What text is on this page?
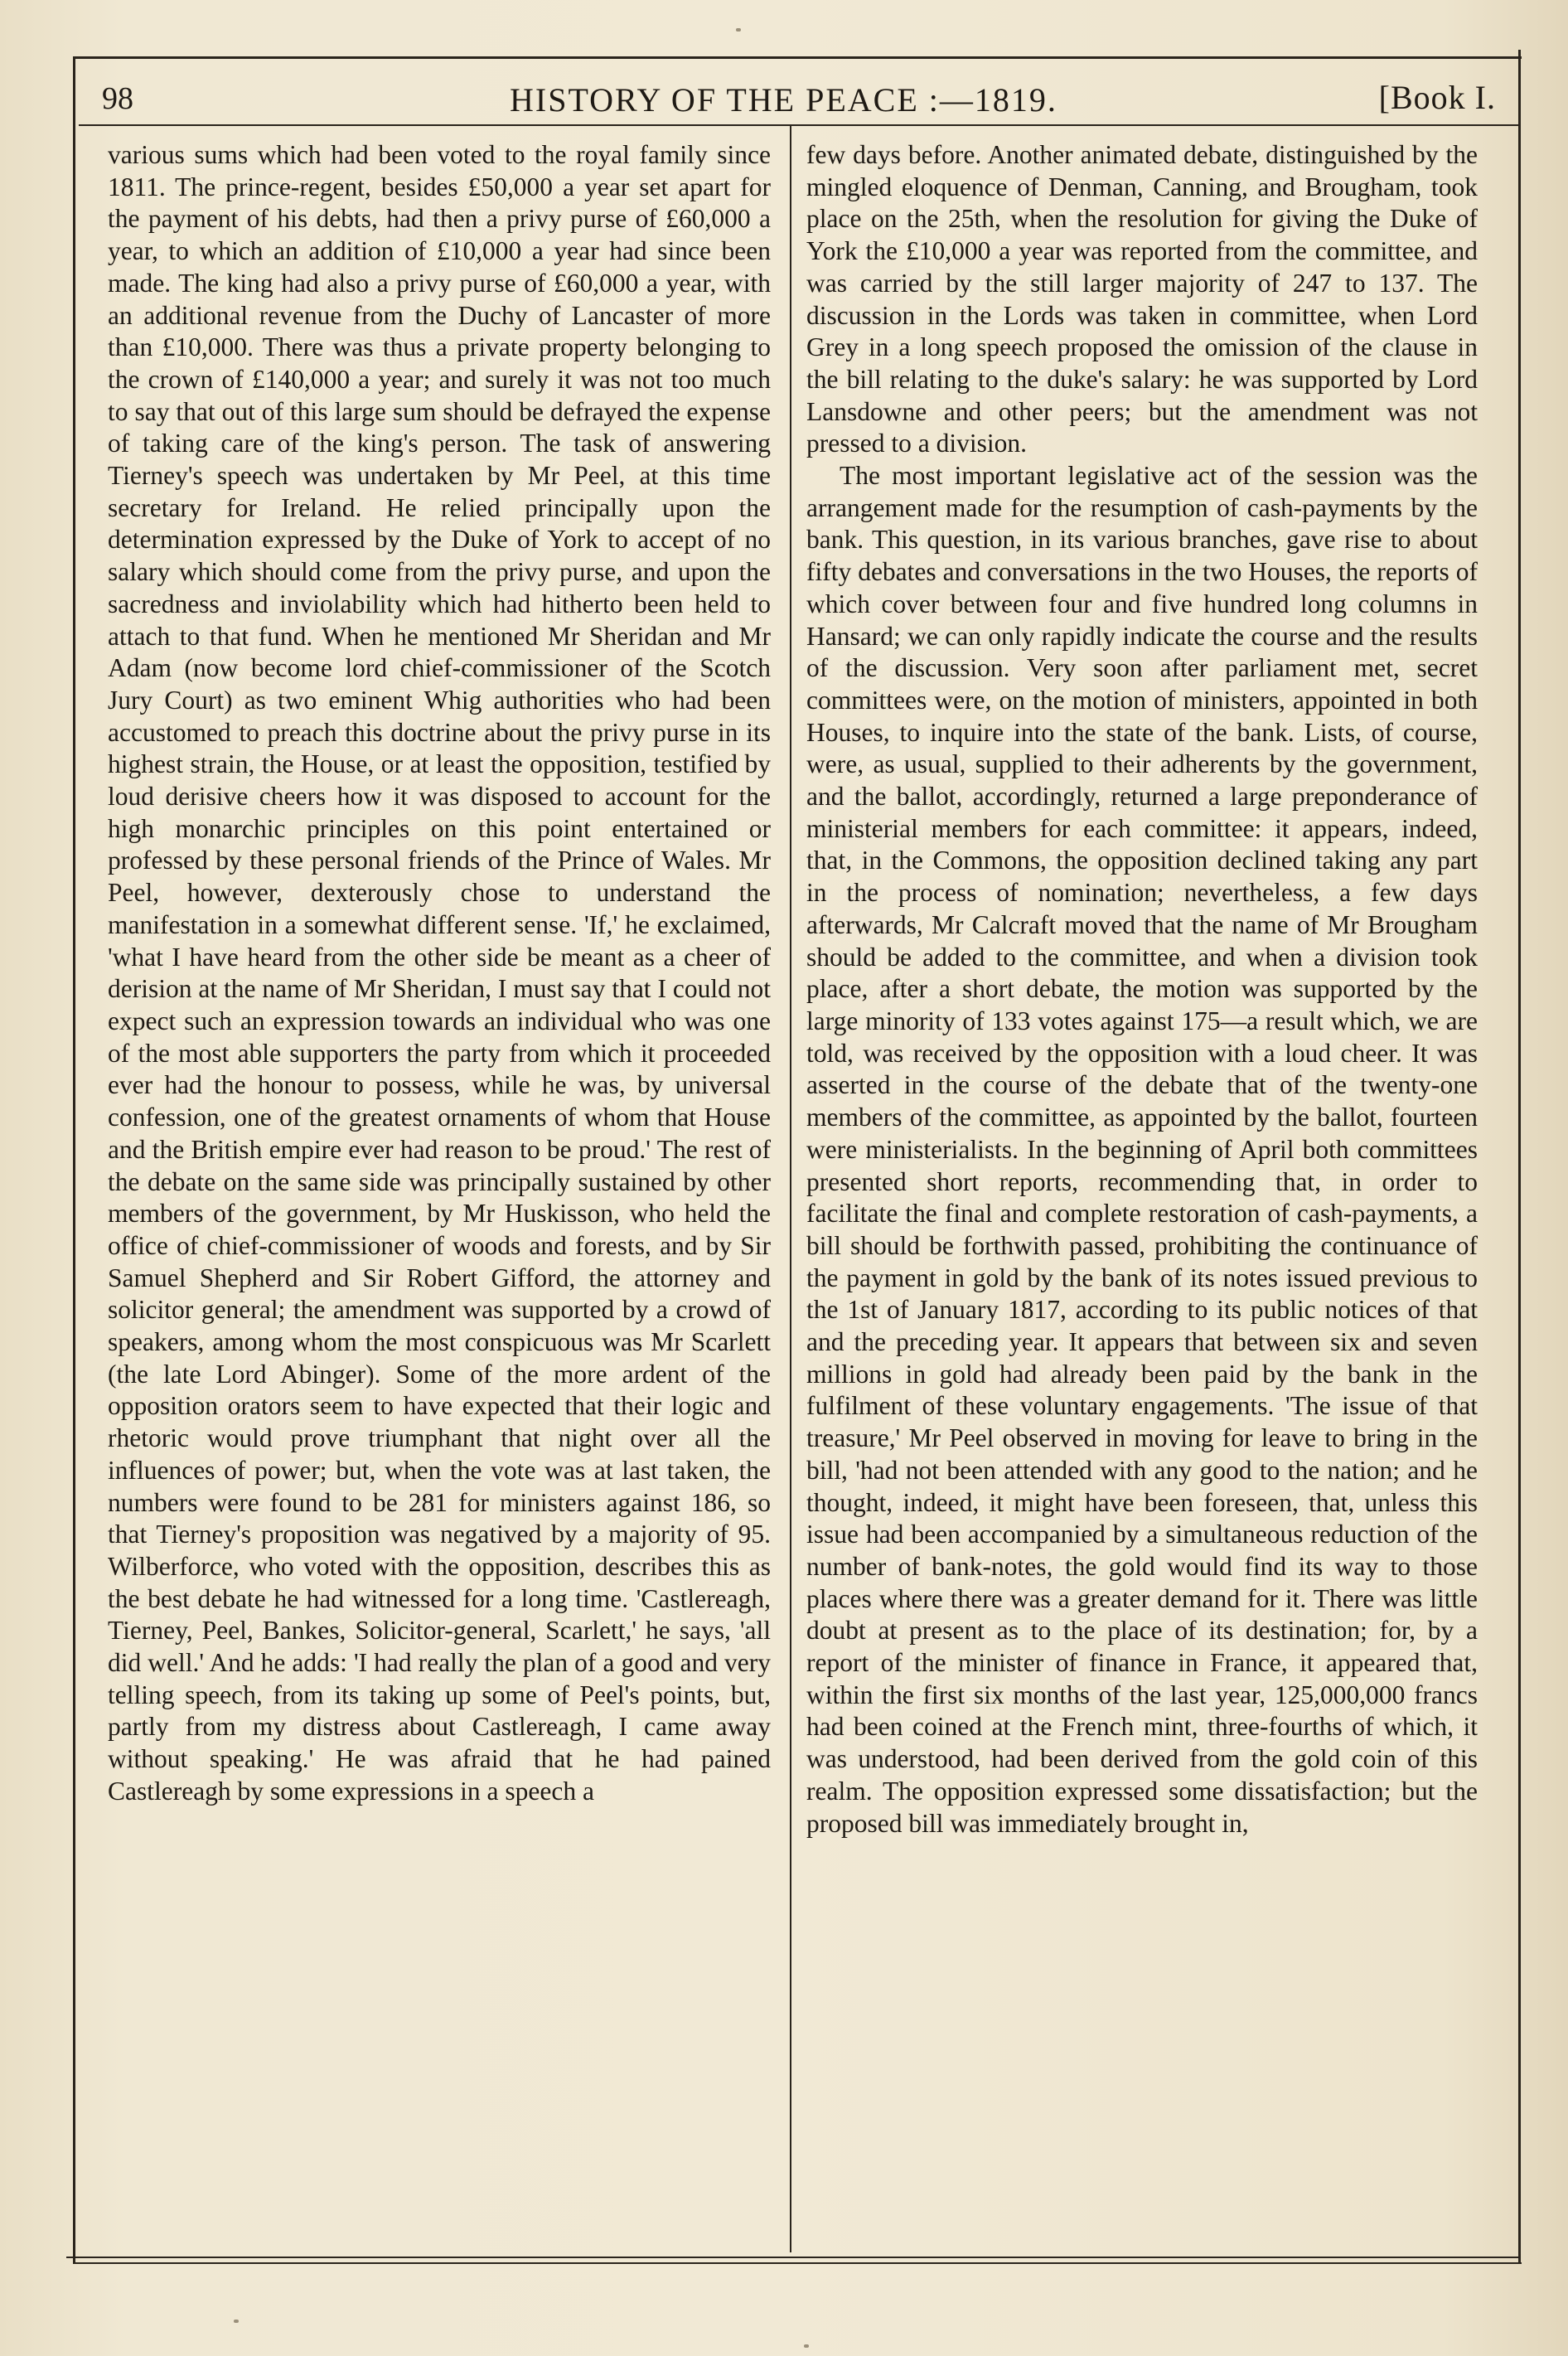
98	HISTORY OF THE PEACE :—1819.	[Book I.

various sums which had been voted to the royal family since 1811. The prince-regent, besides £50,000 a year set apart for the payment of his debts, had then a privy purse of £60,000 a year, to which an addition of £10,000 a year had since been made. The king had also a privy purse of £60,000 a year, with an additional revenue from the Duchy of Lancaster of more than £10,000. There was thus a private property belonging to the crown of £140,000 a year; and surely it was not too much to say that out of this large sum should be defrayed the expense of taking care of the king's person. The task of answering Tierney's speech was undertaken by Mr Peel, at this time secretary for Ireland. He relied principally upon the determination expressed by the Duke of York to accept of no salary which should come from the privy purse, and upon the sacredness and inviolability which had hitherto been held to attach to that fund. When he mentioned Mr Sheridan and Mr Adam (now become lord chief-commissioner of the Scotch Jury Court) as two eminent Whig authorities who had been accustomed to preach this doctrine about the privy purse in its highest strain, the House, or at least the opposition, testified by loud derisive cheers how it was disposed to account for the high monarchic principles on this point entertained or professed by these personal friends of the Prince of Wales. Mr Peel, however, dexterously chose to understand the manifestation in a somewhat different sense. 'If,' he exclaimed, 'what I have heard from the other side be meant as a cheer of derision at the name of Mr Sheridan, I must say that I could not expect such an expression towards an individual who was one of the most able supporters the party from which it proceeded ever had the honour to possess, while he was, by universal confession, one of the greatest ornaments of whom that House and the British empire ever had reason to be proud.' The rest of the debate on the same side was principally sustained by other members of the government, by Mr Huskisson, who held the office of chief-commissioner of woods and forests, and by Sir Samuel Shepherd and Sir Robert Gifford, the attorney and solicitor general; the amendment was supported by a crowd of speakers, among whom the most conspicuous was Mr Scarlett (the late Lord Abinger). Some of the more ardent of the opposition orators seem to have expected that their logic and rhetoric would prove triumphant that night over all the influences of power; but, when the vote was at last taken, the numbers were found to be 281 for ministers against 186, so that Tierney's proposition was negatived by a majority of 95. Wilberforce, who voted with the opposition, describes this as the best debate he had witnessed for a long time. 'Castlereagh, Tierney, Peel, Bankes, Solicitor-general, Scarlett,' he says, 'all did well.' And he adds: 'I had really the plan of a good and very telling speech, from its taking up some of Peel's points, but, partly from my distress about Castlereagh, I came away without speaking.' He was afraid that he had pained Castlereagh by some expressions in a speech a

few days before. Another animated debate, distinguished by the mingled eloquence of Denman, Canning, and Brougham, took place on the 25th, when the resolution for giving the Duke of York the £10,000 a year was reported from the committee, and was carried by the still larger majority of 247 to 137. The discussion in the Lords was taken in committee, when Lord Grey in a long speech proposed the omission of the clause in the bill relating to the duke's salary: he was supported by Lord Lansdowne and other peers; but the amendment was not pressed to a division.

The most important legislative act of the session was the arrangement made for the resumption of cash-payments by the bank. This question, in its various branches, gave rise to about fifty debates and conversations in the two Houses, the reports of which cover between four and five hundred long columns in Hansard; we can only rapidly indicate the course and the results of the discussion. Very soon after parliament met, secret committees were, on the motion of ministers, appointed in both Houses, to inquire into the state of the bank. Lists, of course, were, as usual, supplied to their adherents by the government, and the ballot, accordingly, returned a large preponderance of ministerial members for each committee: it appears, indeed, that, in the Commons, the opposition declined taking any part in the process of nomination; nevertheless, a few days afterwards, Mr Calcraft moved that the name of Mr Brougham should be added to the committee, and when a division took place, after a short debate, the motion was supported by the large minority of 133 votes against 175—a result which, we are told, was received by the opposition with a loud cheer. It was asserted in the course of the debate that of the twenty-one members of the committee, as appointed by the ballot, fourteen were ministerialists. In the beginning of April both committees presented short reports, recommending that, in order to facilitate the final and complete restoration of cash-payments, a bill should be forthwith passed, prohibiting the continuance of the payment in gold by the bank of its notes issued previous to the 1st of January 1817, according to its public notices of that and the preceding year. It appears that between six and seven millions in gold had already been paid by the bank in the fulfilment of these voluntary engagements. 'The issue of that treasure,' Mr Peel observed in moving for leave to bring in the bill, 'had not been attended with any good to the nation; and he thought, indeed, it might have been foreseen, that, unless this issue had been accompanied by a simultaneous reduction of the number of bank-notes, the gold would find its way to those places where there was a greater demand for it. There was little doubt at present as to the place of its destination; for, by a report of the minister of finance in France, it appeared that, within the first six months of the last year, 125,000,000 francs had been coined at the French mint, three-fourths of which, it was understood, had been derived from the gold coin of this realm. The opposition expressed some dissatisfaction; but the proposed bill was immediately brought in,
